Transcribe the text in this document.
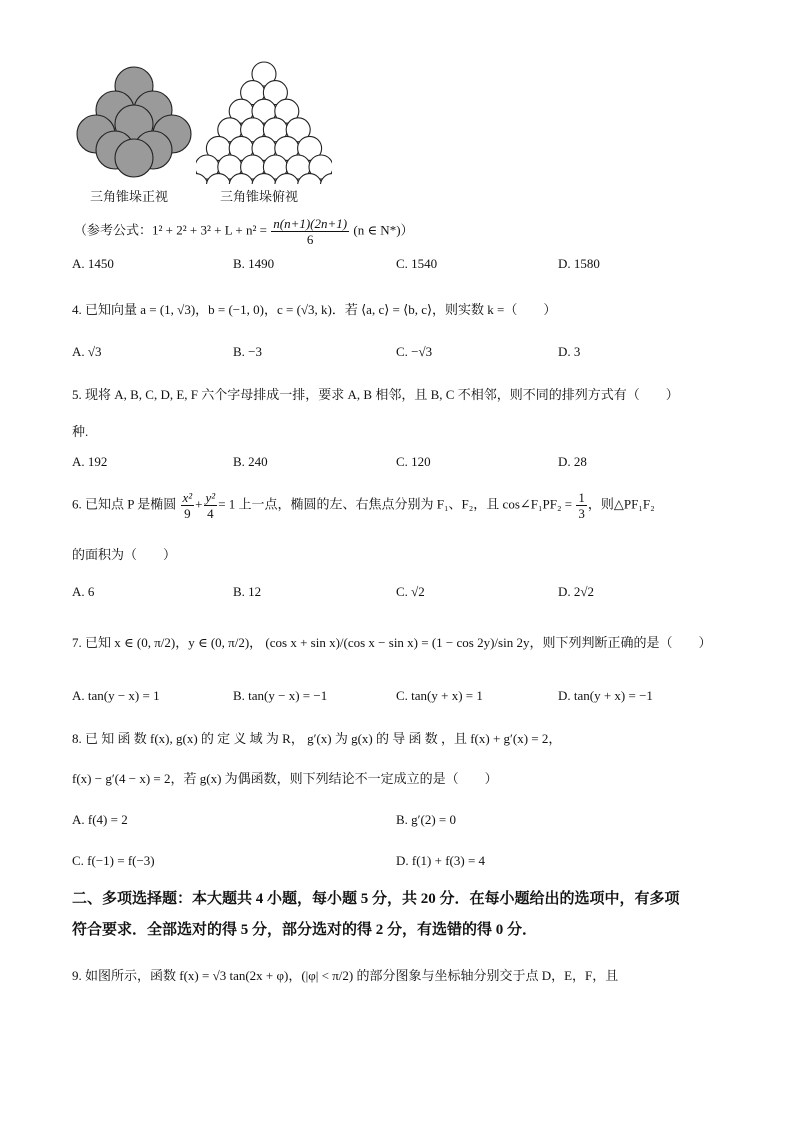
三角锥垛正视	三角锥垛俯视
（参考公式：$1^2 + 2^2 + 3^2 + L + n^2 = \frac{n(n+1)(2n+1)}{6} (n$ ∈ N*)）
A. 1450	B. 1490	C. 1540	D. 1580
4. 已知向量 a = (1, √3)，b = (−1, 0)，c = (√3, k)．若 ⟨a, c⟩ = ⟨b, c⟩，则实数 k =（　　）
A. √3	B. −3	C. −√3	D. 3
5. 现将 A, B, C, D, E, F 六个字母排成一排，要求 A, B 相邻，且 B, C 不相邻，则不同的排列方式有（　　）
种.
A. 192	B. 240	C. 120	D. 28
6. 已知点 P 是椭圆 $\frac{\text{x²}}{9} + \frac{\text{y²}}{4} = 1$ 上一点，椭圆的左、右焦点分别为 F₁、F₂，且 cos∠F₁PF₂ = $\frac{1}{3}$ ，则△PF₁F₂
的面积为（　　）
A. 6	B. 12	C. √2	D. 2√2
7. 已知 x ∈ (0, π/2)，y ∈ (0, π/2)， (cos x + sin x)/(cos x − sin x) = (1 − cos 2y)/sin 2y，则下列判断正确的是（　　）
A. tan(y − x) = 1	B. tan(y − x) = −1	C. tan(y + x) = 1	D. tan(y + x) = −1
8. 已 知 函 数 f(x), g(x) 的 定 义 域 为 R， g′(x) 为 g(x) 的 导 函 数 ，且 f(x) + g′(x) = 2，
f(x) − g′(4 − x) = 2，若 g(x) 为偶函数，则下列结论不一定成立的是（　　）
A. f(4) = 2	B. g′(2) = 0
C. f(−1) = f(−3)	D. f(1) + f(3) = 4
二、多项选择题：本大题共 4 小题，每小题 5 分，共 20 分．在每小题给出的选项中，有多项
符合要求．全部选对的得 5 分，部分选对的得 2 分，有选错的得 0 分．
9. 如图所示，函数 f(x) = √3 tan(2x + φ)，(|φ| < π/2) 的部分图象与坐标轴分别交于点 D，E，F，且
